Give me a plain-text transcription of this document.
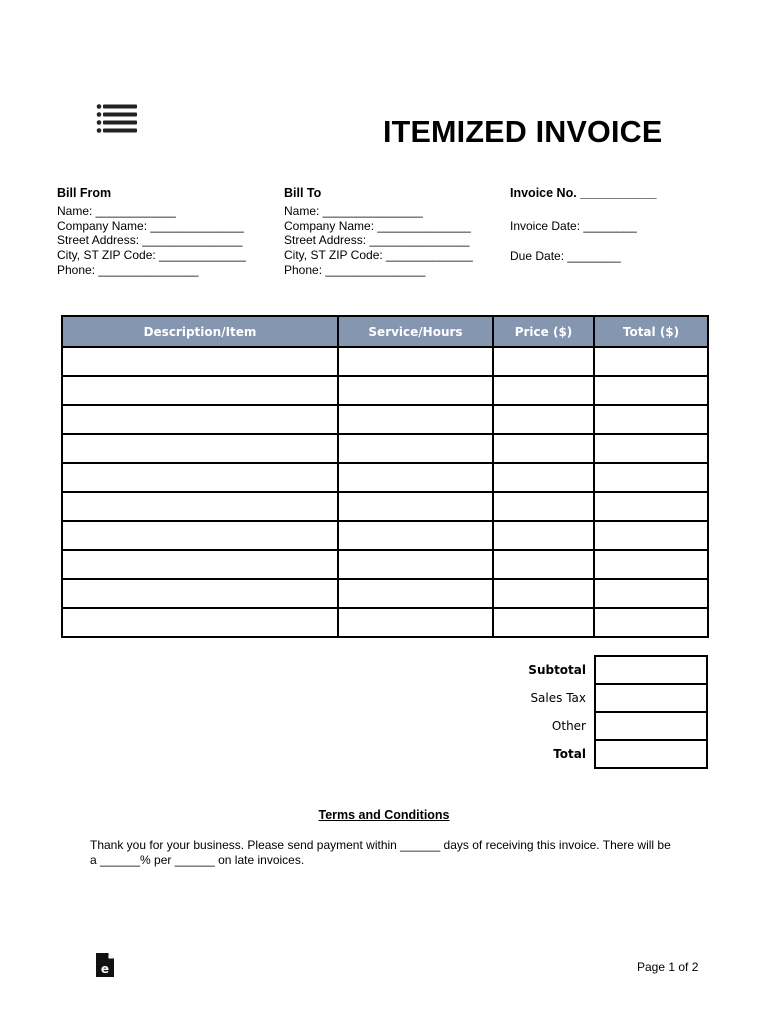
ITEMIZED INVOICE
Bill From
Name: ____________
Company Name: ______________
Street Address: _______________
City, ST ZIP Code: _____________
Phone: _______________
Bill To
Name: _______________
Company Name: ______________
Street Address: _______________
City, ST ZIP Code: _____________
Phone: _______________
Invoice No. ___________
Invoice Date: ________
Due Date: ________
Description/Item	Service/Hours	Price ($)	Total ($)

Subtotal	
Sales Tax	
Other	
Total	
Terms and Conditions
Thank you for your business. Please send payment within ______ days of receiving this invoice. There will be a ______% per ______ on late invoices.
e	Page 1 of 2
